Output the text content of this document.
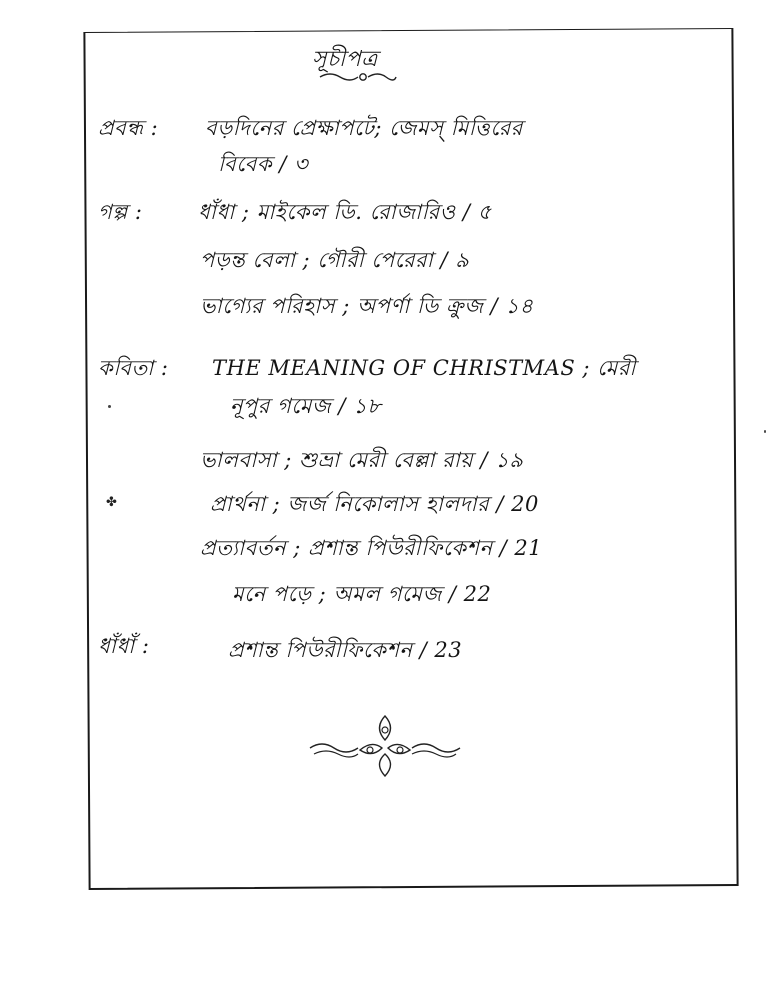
সূচীপত্র
প্রবন্ধ : বড়দিনের প্রেক্ষাপটে; জেমস্ মিত্তিরের
বিবেক / ৩
গল্প :	ধাঁধা ; মাইকেল ডি. রোজারিও / ৫
পড়ন্ত বেলা ; গৌরী পেরেরা / ৯
ভাগ্যের পরিহাস ; অপর্ণা ডি ক্রুজ / ১৪
কবিতা : THE MEANING OF CHRISTMAS ; মেরী
নূপুর গমেজ / ১৮
ভালবাসা ; শুভ্রা মেরী বেল্লা রায় / ১৯
✤	প্রার্থনা ; জর্জ নিকোলাস হালদার / 20
প্রত্যাবর্তন ; প্রশান্ত পিউরীফিকেশন / 21
মনে পড়ে ; অমল গমেজ / 22
ধাঁধাঁ :	প্রশান্ত পিউরীফিকেশন / 23
